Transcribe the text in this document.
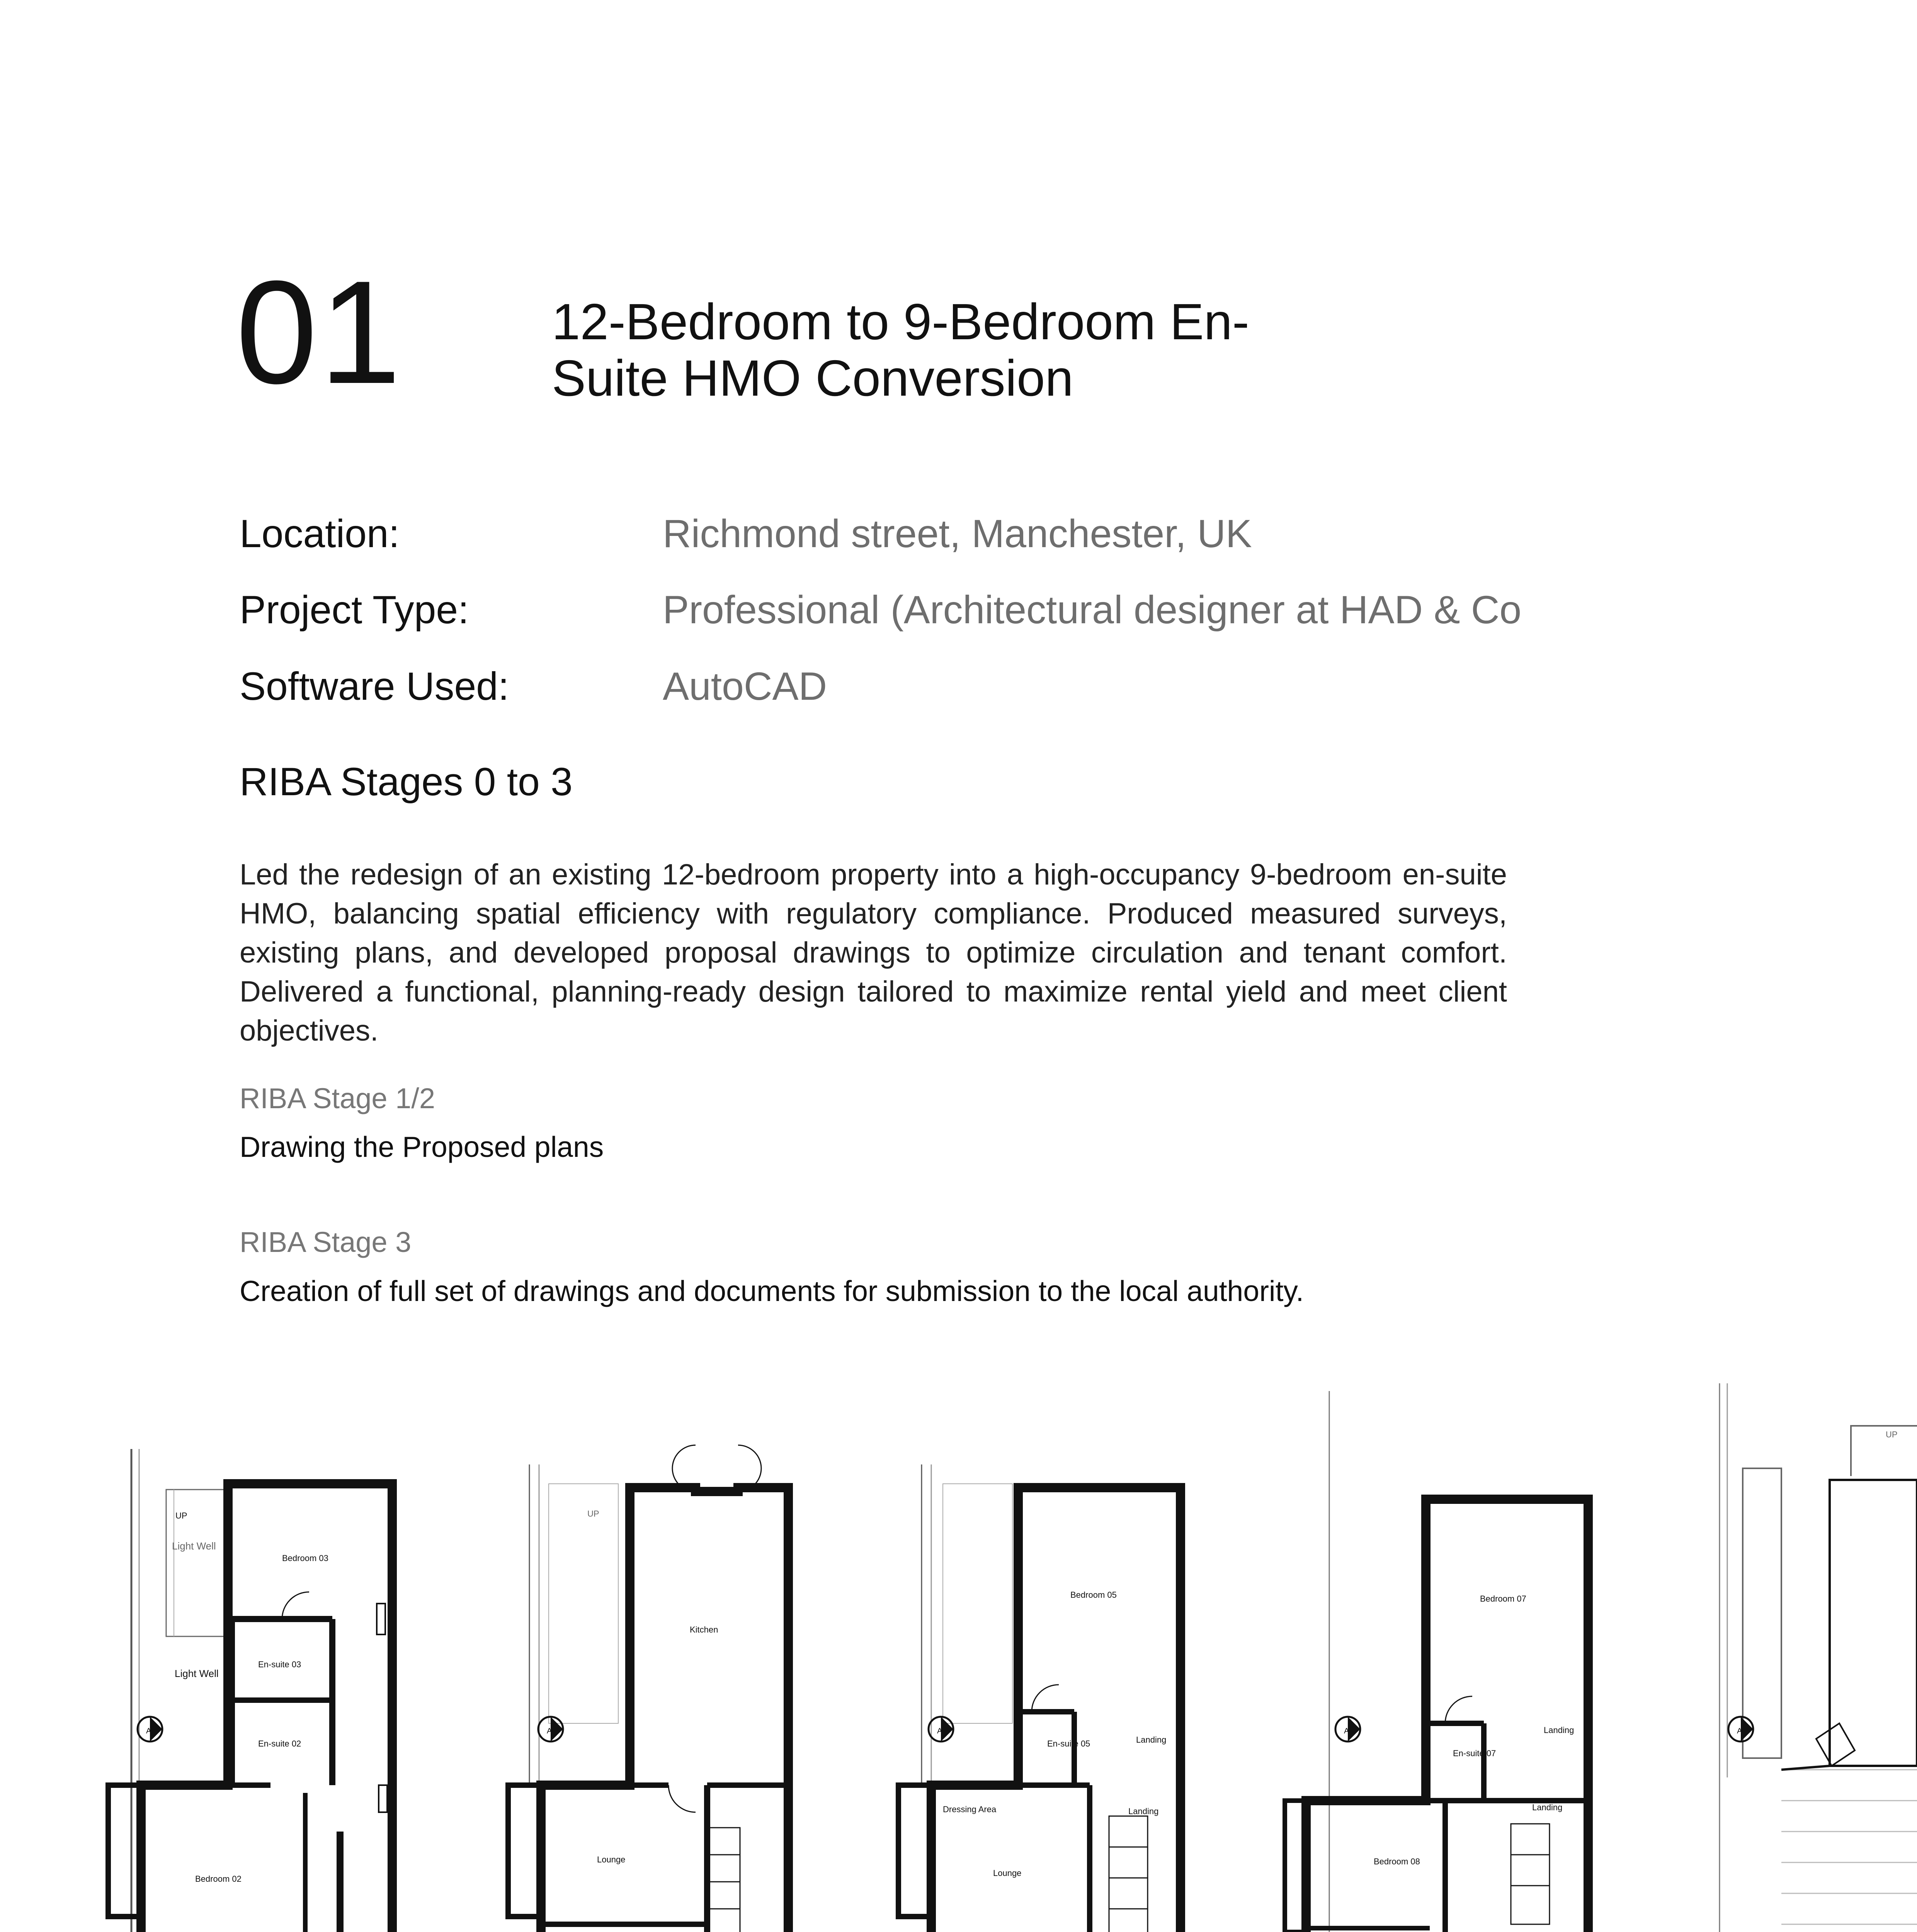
01	12-Bedroom to 9-Bedroom En-
Suite HMO Conversion
Location:	Richmond street, Manchester, UK
Project Type:	Professional (Architectural designer at HAD & Co
Software Used:	AutoCAD
RIBA Stages 0 to 3
Led the redesign of an existing 12-bedroom property into a high-occupancy 9-bedroom en-suite HMO, balancing spatial efficiency with regulatory compliance. Produced measured surveys, existing plans, and developed proposal drawings to optimize circulation and tenant comfort. Delivered a functional, planning-ready design tailored to maximize rental yield and meet client objectives.
RIBA Stage 1/2
Drawing the Proposed plans
RIBA Stage 3
Creation of full set of drawings and documents for submission to the local authority.
UP
Light Well
Bedroom 03
Light Well
En-suite 03
En-suite 02
Bedroom 02
A
UP
Kitchen
Lounge
A
Bedroom 05
En-suite 05	Landing
Dressing Area	Landing
Lounge
A
Bedroom 07
En-suite 07
Landing
Landing
Bedroom 08
A
UP
A
